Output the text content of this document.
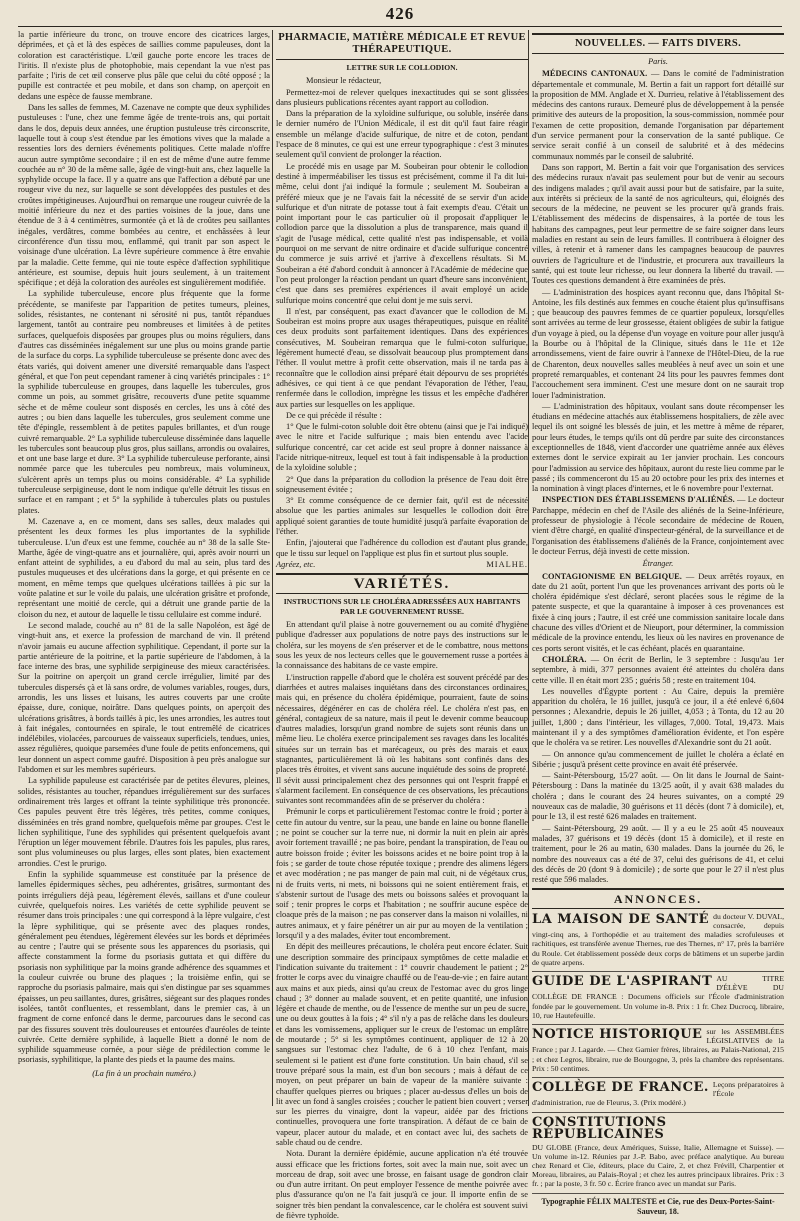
426

la partie inférieure du tronc, on trouve encore des cicatrices larges, déprimées, et çà et là des espèces de saillies comme papuleuses, dont la coloration est caractéristique. L'œil gauche porte encore les traces de l'iritis. Il n'existe plus de photophobie, mais cependant la vue n'est pas parfaite ; l'iris de cet œil conserve plus pâle que celui du côté opposé ; la pupille est contractée et peu mobile, et dans son champ, on aperçoit en dedans une espèce de fausse membrane.

Dans les salles de femmes, M. Cazenave ne compte que deux syphilides pustuleuses : l'une, chez une femme âgée de trente-trois ans, qui portait dans le dos, depuis deux années, une éruption pustuleuse très circonscrite, laquelle tout à coup s'est étendue par les émotions vives que la malade a ressenties lors des derniers événements politiques. Cette malade n'offre aucun autre symptôme secondaire ; il en est de même d'une autre femme couchée au n° 30 de la même salle, âgée de vingt-huit ans, chez laquelle la syphylide occupe la face. Il y a quatre ans que l'affection a débuté par une rougeur vive du nez, sur laquelle se sont développées des pustules et des croûtes impétigineuses. Aujourd'hui on remarque une rougeur cuivrée de la moitié inférieure du nez et des parties voisines de la joue, dans une étendue de 3 à 4 centimètres, surmontée çà et là de croûtes peu saillantes inégales, verdâtres, comme bombées au centre, et enchâssées à leur circonférence d'un tissu mou, enflammé, qui tranit par son aspect le voisinage d'une ulcération. La lèvre supérieure commence à être envahie par la maladie. Cette femme, qui nie toute espèce d'affection syphilitique antérieure, est soumise, depuis huit jours seulement, à un traitement spécifique ; et déjà la coloration des auréoles est singulièrement modifiée.

La syphilide tuberculeuse, encore plus fréquente que la forme précédente, se manifeste par l'apparition de petites tumeurs, pleines, solides, résistantes, ne contenant ni sérosité ni pus, tantôt répandues largement, tantôt au contraire peu nombreuses et limitées à de petites surfaces, quelquefois disposées par groupes plus ou moins réguliers, dans d'autres cas disséminées inégalement sur une plus ou moins grande partie de la surface du corps. La syphilide tuberculeuse se présente donc avec des états variés, qui doivent amener une diversité remarquable dans l'aspect général, et que l'on peut cependant ramener à cinq variétés principales : 1° la syphilide tuberculeuse en groupes, dans laquelle les tubercules, gros comme un pois, au sommet grisâtre, recouverts d'une petite squamme sèche et de même couleur sont disposés en cercles, les uns à côté des autres ; ou bien dans laquelle les tubercules, gros seulement comme une tête d'épingle, ressemblent à de petites papules brillantes, et d'un rouge cuivré remarquable. 2° La syphilide tuberculeuse disséminée dans laquelle les tubercules sont beaucoup plus gros, plus saillans, arrondis ou ovalaires, et ont une base large et dure. 3° La syphilide tuberculeuse perforante, ainsi nommée parce que les tubercules peu nombreux, mais volumineux, s'ulcèrent après un temps plus ou moins considérable. 4° La syphilide tuberculeuse serpigineuse, dont le nom indique qu'elle détruit les tissus en surface et en rampant ; et 5° la syphilide à tubercules plats ou pustules plates.

M. Cazenave a, en ce moment, dans ses salles, deux malades qui présentent les deux formes les plus importantes de la syphilide tuberculeuse. L'un d'eux est une femme, couchée au n° 38 de la salle Ste-Marthe, âgée de vingt-quatre ans et journalière, qui, après avoir nourri un enfant atteint de syphilides, a eu d'abord du mal au sein, plus tard des pustules muqueuses et des ulcérations dans la gorge, et qui présente en ce moment, en même temps que quelques ulcérations taillées à pic sur la voûte palatine et sur le voile du palais, une ulcération grisâtre et profonde, représentant une moitié de cercle, qui a détruit une grande partie de la cloison du nez, et autour de laquelle le tissu cellulaire est comme induré.

Le second malade, couché au n° 81 de la salle Napoléon, est âgé de vingt-huit ans, et exerce la profession de marchand de vin. Il prétend n'avoir jamais eu aucune affection syphilitique. Cependant, il porte sur la partie antérieure de la poitrine, et la partie supérieure de l'abdomen, à la face interne des bras, une syphilide serpigineuse des mieux caractérisées. Sur la poitrine on aperçoit un grand cercle irrégulier, limité par des tubercules dispersés çà et là sans ordre, de volumes variables, rouges, durs, arrondis, les uns lisses et luisans, les autres couverts par une croûte épaisse, dure, conique, noirâtre. Dans quelques points, on aperçoit des ulcérations grisâtres, à bords taillés à pic, les unes arrondies, les autres tout à fait inégales, contournées en spirale, le tout entremêlé de cicatrices indélébiles, violacées, parcourues de vaisseaux superficiels, tendues, unies, assez régulières, quoique parsemées d'une foule de petits enfoncemens, qui leur donnent un aspect comme gaufré. Disposition à peu près analogue sur l'abdomen et sur les membres supérieurs.

La syphilide papuleuse est caractérisée par de petites élevures, pleines, solides, résistantes au toucher, répandues irrégulièrement sur des surfaces ordinairement très larges et offrant la teinte syphilitique très prononcée. Ces papules peuvent être très légères, très petites, comme coniques, disséminées en très grand nombre, quelquefois même par groupes. C'est le lichen syphilitique, l'une des syphilides qui présentent quelquefois avant l'éruption un léger mouvement fébrile. D'autres fois les papules, plus rares, sont plus volumineuses ou plus larges, elles sont plates, bien exactement arrondies. C'est le prurigo.

Enfin la syphilide squammeuse est constituée par la présence de lamelles épidermiques sèches, peu adhérentes, grisâtres, surmontant des points irréguliers déjà peau, légèrement élevés, saillans et d'une couleur cuivrée, quelquefois noires. Les variétés de cette syphilide peuvent se résumer dans trois principales : une qui correspond à la lèpre vulgaire, c'est la lèpre syphilitique, qui se présente avec des plaques rondes, généralement peu étendues, légèrement élevées sur les bords et déprimées au centre ; l'autre qui se présente sous les apparences du psoriasis, qui affecte constamment la forme du psoriasis guttata et qui diffère du psoriasis non syphilitique par la moins grande adhérence des squammes et la couleur cuivrée ou brune des plaques ; la troisième enfin, qui se rapproche du psoriasis palmaire, mais qui s'en distingue par ses squammes épaisses, un peu saillantes, dures, grisâtres, siégeant sur des plaques rondes isolées, tantôt confluentes, et ressemblant, dans le premier cas, à un fragment de corne enfoncé dans le derme, parcourues dans le second cas par des fissures souvent très douloureuses et entourées d'auréoles de teinte cuivrée. Cette dernière syphilide, à laquelle Biett a donné le nom de syphilide squammeuse cornée, a pour siège de prédilection comme le psoriasis, syphilitique, la plante des pieds et la paume des mains.

(La fin à un prochain numéro.)
PHARMACIE, MATIÈRE MÉDICALE ET REVUE THÉRAPEUTIQUE.
LETTRE SUR LE COLLODION.

Monsieur le rédacteur,

Permettez-moi de relever quelques inexactitudes qui se sont glissées dans plusieurs publications récentes ayant rapport au collodion.

Dans la préparation de la xyloïdine sulfurique, ou soluble, insérée dans le dernier numéro de l'Union Médicale, il est dit qu'il faut faire réagir ensemble un mélange d'acide sulfurique, de nitre et de coton, pendant l'espace de 8 minutes, ce qui est une erreur typographique : c'est 3 minutes seulement qu'il convient de prolonger la réaction.

Le procédé mis en usage par M. Soubeiran pour obtenir le collodion destiné à imperméabiliser les tissus est précisément, comme il l'a dit lui-même, celui dont j'ai indiqué la formule ; seulement M. Soubeiran a préféré mieux que je ne l'avais fait la nécessité de se servir d'un acide sulfurique et d'un nitrate de potasse tout à fait exempts d'eau. C'était un point important pour le cas particulier où il proposait d'appliquer le collodion parce que la dissolution a plus de transparence, mais quand il s'agit de l'usage médical, cette qualité n'est pas indispensable, et voilà pourquoi on me servant de nitre ordinaire et d'acide sulfurique concentré du commerce je suis arrivé et j'arrive à d'excellens résultats. Si M. Soubeiran a été d'abord conduit à annoncer à l'Académie de médecine que l'on peut prolonger la réaction pendant un quart d'heure sans inconvénient, c'est que dans ses premières expériences il avait employé un acide sulfurique moins concentré que celui dont je me suis servi.

Il n'est, par conséquent, pas exact d'avancer que le collodion de M. Soubeiran est moins propre aux usages thérapeutiques, puisque en réalité ces deux produits sont parfaitement identiques. Dans des expériences consécutives, M. Soubeiran remarqua que le fulmi-coton sulfurique, légèrement humecté d'eau, se dissolvait beaucoup plus promptement dans l'éther. Il voulut mettre à profit cette observation, mais il ne tarda pas à reconnaître que le collodion ainsi préparé était dépourvu de ses propriétés adhésives, ce qui tient à ce que pendant l'évaporation de l'éther, l'eau, renfermée dans le collodion, imprègne les tissus et les empêche d'adhérer aux parties sur lesquelles on les applique.

De ce qui précède il résulte :

1° Que le fulmi-coton soluble doit être obtenu (ainsi que je l'ai indiqué) avec le nitre et l'acide sulfurique ; mais bien entendu avec l'acide sulfurique concentré, car cet acide est seul propre à donner naissance à l'acide nitrique-nitreux, lequel est tout à fait indispensable à la production de la xyloïdine soluble ;

2° Que dans la préparation du collodion la présence de l'eau doit être soigneusement évitée ;

3° Et comme conséquence de ce dernier fait, qu'il est de nécessité absolue que les parties animales sur lesquelles le collodion doit être appliqué soient garanties de toute humidité jusqu'à parfaite évaporation de l'éther.

Enfin, j'ajouterai que l'adhérence du collodion est d'autant plus grande, que le tissu sur lequel on l'applique est plus fin et surtout plus souple.

Agréez, etc.	MIALHE.
VARIÉTÉS.
INSTRUCTIONS SUR LE CHOLÉRA ADRESSÉES AUX HABITANTS PAR LE GOUVERNEMENT RUSSE.

En attendant qu'il plaise à notre gouvernement ou au comité d'hygiène publique d'adresser aux populations de notre pays des instructions sur le choléra, sur les moyens de s'en préserver et de le combattre, nous mettons sous les yeux de nos lecteurs celles que le gouvernement russe a portées à la connaissance des habitans de ce vaste empire.

L'instruction rappelle d'abord que le choléra est souvent précédé par des diarrhées et autres malaises inquiétans dans des circonstances ordinaires, mais qui, en présence du choléra épidémique, pourraient, faute de soins nécessaires, dégénérer en cas de choléra réel. Le choléra n'est pas, en général, contagieux de sa nature, mais il peut le devenir comme beaucoup d'autres maladies, lorsqu'un grand nombre de sujets sont réunis dans un même lieu. Le choléra exerce principalement ses ravages dans les localités situées sur un terrain bas et marécageux, ou près des marais et eaux stagnantes, particulièrement là où les habitans sont confinés dans des places très étroites, et vivent sans aucune inquiétude des soins de propreté. Il sévit aussi principalement chez des personnes qui ont l'esprit frappé et s'alarment facilement. En conséquence de ces observations, les précautions suivantes sont recommandées afin de se préserver du choléra :

Prémunir le corps et particulièrement l'estomac contre le froid ; porter à cette fin autour du ventre, sur la peau, une bande en laine ou bonne flanelle ; ne point se coucher sur la terre nue, ni dormir la nuit en plein air après avoir fortement travaillé ; ne pas boire, pendant la transpiration, de l'eau ou autre boisson froide ; éviter les boissons acides et ne boire point trop à la fois ; se garder de toute chose réputée toxique ; prendre des alimens légers et avec modération ; ne pas manger de pain mal cuit, ni de végétaux crus, ni de fruits verts, ni mets, ni boissons qui ne soient entièrement frais, et s'abstenir surtout de l'usage des mets ou boissons salées et provoquant la soif ; tenir propres le corps et l'habitation ; ne souffrir aucune espèce de cloaque près de la maison ; ne pas conserver dans la maison ni volailles, ni autres animaux, et y faire pénétrer un air pur au moyen de la ventilation ; lorsqu'il y a des malades, éviter tout encombrement.

En dépit des meilleures précautions, le choléra peut encore éclater. Suit une description sommaire des principaux symptômes de cette maladie et l'indication suivante du traitement : 1° couvrir chaudement le patient ; 2° frotter le corps avec du vinaigre chauffé ou de l'eau-de-vie ; en faire autant aux mains et aux pieds, ainsi qu'au creux de l'estomac avec du gros linge chaud ; 3° donner au malade souvent, et en petite quantité, une infusion légère et chaude de menthe, ou de l'essence de menthe sur un peu de sucre, une ou deux gouttes à la fois ; 4° s'il n'y a pas de relâche dans les douleurs et dans les vomissemens, appliquer sur le creux de l'estomac un emplâtre de moutarde ; 5° si les symptômes continuent, appliquer de 12 à 20 sangsues sur l'estomac chez l'adulte, de 6 à 10 chez l'enfant, mais seulement si le patient est d'une forte constitution. Un bain chaud, s'il se trouve préparé sous la main, est d'un bon secours ; mais à défaut de ce moyen, on peut préparer un bain de vapeur de la manière suivante : chauffer quelques pierres ou briques ; placer au-dessus d'elles un bois de lit avec un fond à sangles croisées ; coucher le patient bien couvert ; verser sur les pierres du vinaigre, dont la vapeur, aidée par des frictions continuelles, provoquera une forte transpiration. A défaut de ce bain de vapeur, placer autour du malade, et en contact avec lui, des sachets de sable chaud ou de cendre.

Nota. Durant la dernière épidémie, aucune application n'a été trouvée aussi efficace que les frictions fortes, soit avec la main nue, soit avec un morceau de drap, soit avec une brosse, en faisant usage de gondron clair ou d'un autre irritant. On peut employer l'essence de menthe poivrée avec plus d'assurance qu'on ne l'a fait jusqu'à ce jour. Il importe enfin de se soigner très bien pendant la convalescence, car le choléra est souvent suivi de fièvre typhoïde.

NOUVELLES. — FAITS DIVERS.
Paris.

MÉDECINS CANTONAUX. — Dans le comité de l'administration départementale et communale, M. Bertin a fait un rapport fort détaillé sur la proposition de MM. Anglade et X. Durrieu, relative à l'établissement des médecins des cantons ruraux. Demeuré plus de développement à la pensée primitive des auteurs de la proposition, la sous-commission, nommée pour l'examen de cette proposition, demande l'organisation par département d'un service permanent pour la conservation de la santé publique. Ce service serait confié à un conseil de salubrité et à des médecins communaux nommés par le conseil de salubrité.

Dans son rapport, M. Bertin a fait voir que l'organisation des services des médecins ruraux n'avait pas seulement pour but de venir au secours des indigens malades ; qu'il avait aussi pour but de satisfaire, par la suite, aux intérêts si précieux de la santé de nos agriculteurs, qui, éloignés des secours de la médecine, ne peuvent se les procurer qu'à grands frais. L'établissement des médecins de dispensaires, à la portée de tous les habitans des campagnes, peut leur permettre de se faire soigner dans leurs maladies en restant au sein de leurs familles. Il contribuera à éloigner des villes, à retenir et à ramener dans les campagnes beaucoup de pauvres ouvriers de l'agriculture et de l'industrie, et procurera aux travailleurs la santé, qui est toute leur richesse, ou leur donnera la liberté du travail. — Toutes ces questions demandent à être examinées de près.

— L'administration des hospices ayant reconnu que, dans l'hôpital St-Antoine, les fils destinés aux femmes en couche étaient plus qu'insuffisans ; que beaucoup des pauvres femmes de ce quartier populeux, lorsqu'elles sont arrivées au terme de leur grossesse, étaient obligées de subir la fatigue d'un voyage à pied, ou la dépense d'un voyage en voiture pour aller jusqu'à la Bourbe ou à l'hôpital de la Clinique, situés dans le 11e et 12e arrondissemens, vient de faire ouvrir à l'annexe de l'Hôtel-Dieu, de la rue de Charenton, deux nouvelles salles meublées à neuf avec un soin et une propreté remarquables, et contenant 24 lits pour les pauvres femmes dont l'accouchement sera imminent. C'est une mesure dont on ne saurait trop louer l'administration.

— L'administration des hôpitaux, voulant sans doute récompenser les étudians en médecine attachés aux établissemens hospitaliers, de zèle avec lequel ils ont soigné les blessés de juin, et les mettre à même de réparer, pour leurs études, le temps qu'ils ont dû perdre par suite des circonstances exceptionnelles de 1848, vient d'accorder une quatrième année aux élèves externes dont le service expirait au 1er janvier prochain. Les concours pour l'admission au service des hôpitaux, auront du reste lieu comme par le passé ; ils commenceront du 15 au 20 octobre pour les prix des internes et la nomination à vingt places d'internes, et le 6 novembre pour l'externat.

INSPECTION DES ÉTABLISSEMENS D'ALIÉNÉS. — Le docteur Parchappe, médecin en chef de l'Asile des aliénés de la Seine-Inférieure, professeur de physiologie à l'école secondaire de médecine de Rouen, vient d'être chargé, en qualité d'inspecteur-général, de la surveillance et de l'organisation des établissemens d'aliénés de la France, conjointement avec le docteur Ferrus, déjà investi de cette mission.

Étranger.

CONTAGIONISME EN BELGIQUE. — Deux arrêtés royaux, en date du 21 août, portent l'un que les provenances arrivant des ports où le choléra épidémique s'est déclaré, seront placées sous le régime de la patente suspecte, et que la quarantaine à imposer à ces provenances est fixée à cinq jours ; l'autre, il est créé une commission sanitaire locale dans chacune des villes d'Orient et de Nieuport, pour déterminer, la commission médicale de la province entendu, les lieux où les navires en provenance de ces ports seront visités, et le cas échéant, placés en quarantaine.

CHOLÉRA. — On écrit de Berlin, le 3 septembre : Jusqu'au 1er septembre, à midi, 377 personnes avaient été atteintes du choléra dans cette ville. Il en était mort 235 ; guéris 58 ; reste en traitement 104.

Les nouvelles d'Égypte portent : Au Caire, depuis la première apparition du choléra, le 16 juillet, jusqu'à ce jour, il a été enlevé 6,604 personnes ; Alexandrie, depuis le 26 juillet, 4,053 ; à Tonta, du 12 au 20 juillet, 1,800 ; dans l'intérieur, les villages, 7,000. Total, 19,473. Mais maintenant il y a des symptômes d'amélioration évidente, et l'on espère que le choléra va se retirer. Les nouvelles d'Alexandrie sont du 21 août.

— On annonce qu'au commencement de juillet le choléra a éclaté en Sibérie ; jusqu'à présent cette province en avait été préservée.

— Saint-Pétersbourg, 15/27 août. — On lit dans le Journal de Saint-Pétersbourg : Dans la matinée du 13/25 août, il y avait 638 malades du choléra ; dans le courant des 24 heures suivantes, on a compté 29 nouveaux cas de maladie, 30 guérisons et 11 décès (dont 7 à domicile), et, pour le 13, il est resté 626 malades en traitement.

— Saint-Pétersbourg, 29 août. — Il y a eu le 25 août 45 nouveaux malades, 37 guérisons et 19 décès (dont 15 à domicile), et il reste en traitement, pour le 26 au matin, 630 malades. Dans la journée du 26, le nombre des nouveaux cas a été de 37, celui des guérisons de 41, et celui des décès de 20 (dont 9 à domicile) ; de sorte que pour le 27 il n'est plus resté que 596 malades.

ANNONCES.
LA MAISON DE SANTÉ du docteur V. DUVAL, consacrée, depuis vingt-cinq ans, à l'orthopédie et au traitement des maladies scrofuleuses et rachitiques, est transférée avenue Thernes, rue des Thernes, n° 17, près la barrière du Roule. Cet établissement possède deux corps de bâtimens et un superbe jardin de quatre arpens.
GUIDE DE L'ASPIRANT AU TITRE D'ÉLÈVE DU COLLÈGE DE FRANCE : Documens officiels sur l'École d'administration fondée par le gouvernement. Un volume in-8. Prix : 1 fr. Chez Ducrocq, libraire, 10, rue Hautefeuille.
NOTICE HISTORIQUE sur les ASSEMBLÉES LÉGISLATIVES de la France ; par J. Lagarde. — Chez Garnier frères, libraires, au Palais-National, 215 ; et chez Legros, libraire, rue de Bourgogne, 3, près la chambre des représentans. Prix : 50 centimes.
COLLÈGE DE FRANCE. Leçons préparatoires à l'École d'administration, rue de Fleurus, 3. (Prix modéré.)
CONSTITUTIONS RÉPUBLICAINES
DU GLOBE (France, deux Amériques, Suisse, Italie, Allemagne et Suisse). — Un volume in-12. Réunies par J.-P. Babo, avec préface analytique. Au bureau chez Renard et Cie, éditeurs, place du Caire, 2, et chez Frévill, Charpentier et Moreau, libraires, au Palais-Royal ; et chez les autres principaux libraires. Prix : 3 fr. ; par la poste, 3 fr. 50 c. Écrire franco avec un mandat sur Paris.
Typographie FÉLIX MALTESTE et Cie, rue des Deux-Portes-Saint-Sauveur, 18.
